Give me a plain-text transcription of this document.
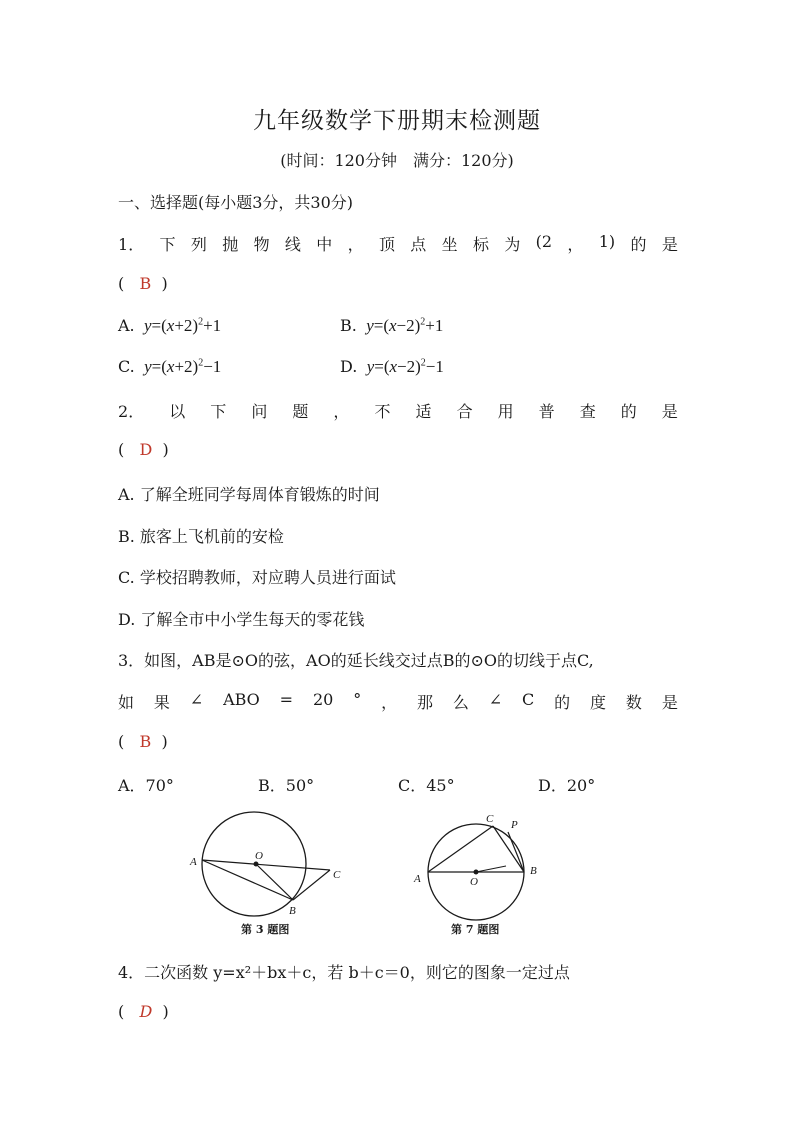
九年级数学下册期末检测题
(时间：120分钟　满分：120分)
一、选择题(每小题3分，共30分)
1． 下 列 抛 物 线 中 ， 顶 点 坐 标 为 (2 ， 1) 的 是
( B )
A. $y=(x+2)^2+1$	B. $y=(x-2)^2+1$
C. $y=(x+2)^2-1$	D. $y=(x-2)^2-1$
2． 以 下 问 题 ， 不 适 合 用 普 查 的 是
( D )
A. 了解全班同学每周体育锻炼的时间
B. 旅客上飞机前的安检
C. 学校招聘教师，对应聘人员进行面试
D. 了解全市中小学生每天的零花钱
3．如图，AB是⊙O的弦，AO的延长线交过点B的⊙O的切线于点C,
如 果 ∠ ABO = 20 ° ， 那 么 ∠ C 的 度 数 是
( B )
A．70°	B．50°	C．45°	D．20°
A	O
B
C
第 3 题图
A	O
B
C P
第 7 题图
4．二次函数 y=x²＋bx＋c，若 b＋c＝0，则它的图象一定过点
( D )
